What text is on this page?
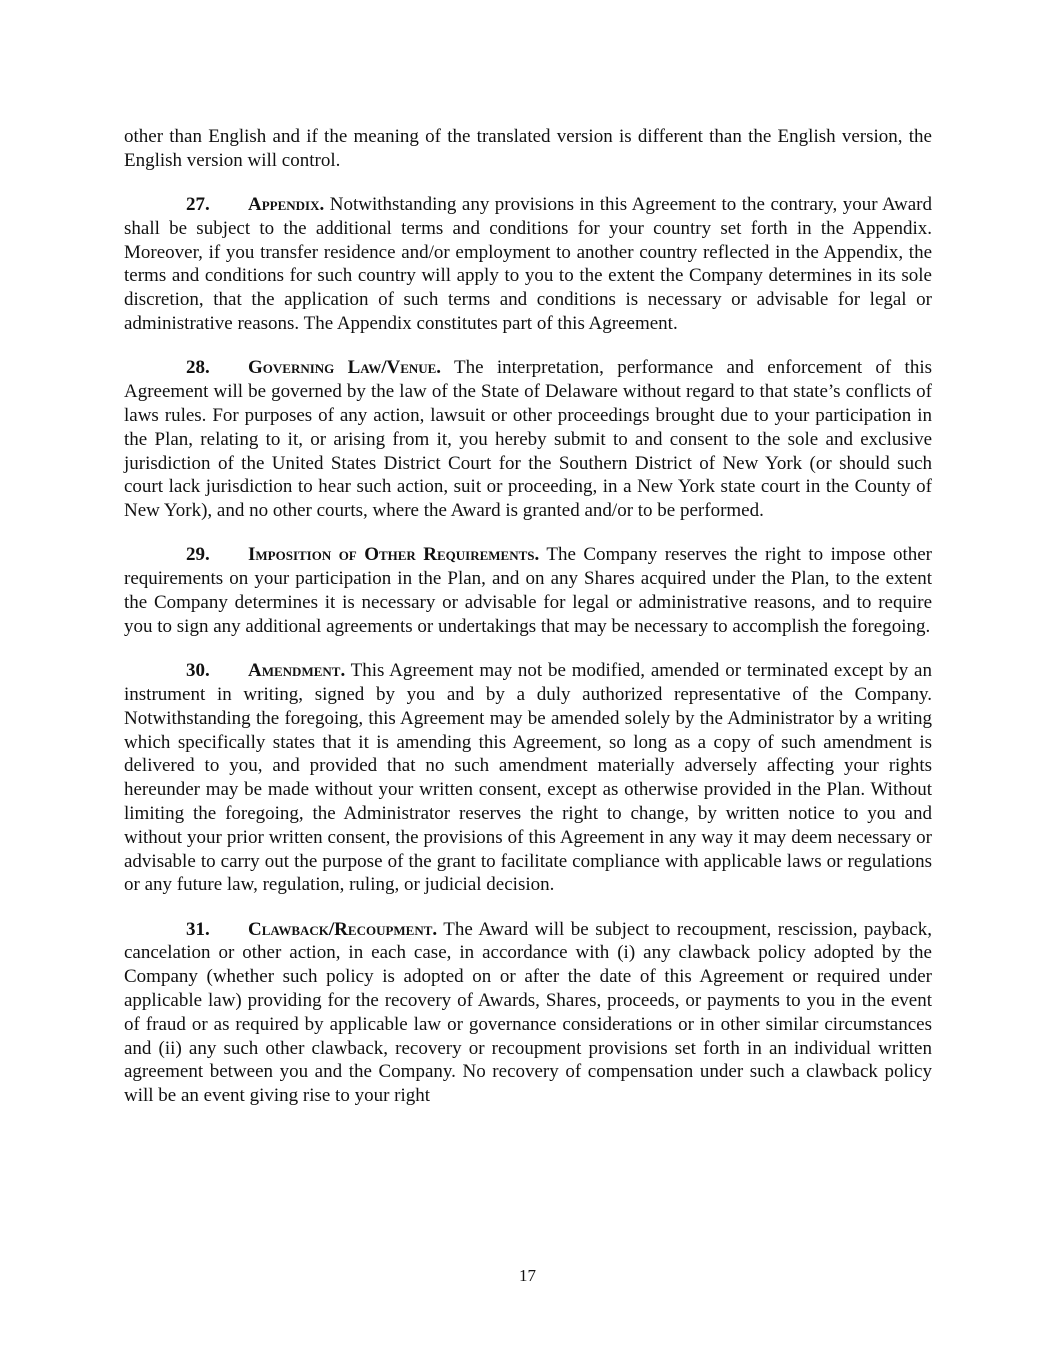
other than English and if the meaning of the translated version is different than the English version, the English version will control.

27. Appendix. Notwithstanding any provisions in this Agreement to the contrary, your Award shall be subject to the additional terms and conditions for your country set forth in the Appendix. Moreover, if you transfer residence and/or employment to another country reflected in the Appendix, the terms and conditions for such country will apply to you to the extent the Company determines in its sole discretion, that the application of such terms and conditions is necessary or advisable for legal or administrative reasons. The Appendix constitutes part of this Agreement.

28. Governing Law/Venue. The interpretation, performance and enforcement of this Agreement will be governed by the law of the State of Delaware without regard to that state’s conflicts of laws rules. For purposes of any action, lawsuit or other proceedings brought due to your participation in the Plan, relating to it, or arising from it, you hereby submit to and consent to the sole and exclusive jurisdiction of the United States District Court for the Southern District of New York (or should such court lack jurisdiction to hear such action, suit or proceeding, in a New York state court in the County of New York), and no other courts, where the Award is granted and/or to be performed.

29. Imposition of Other Requirements. The Company reserves the right to impose other requirements on your participation in the Plan, and on any Shares acquired under the Plan, to the extent the Company determines it is necessary or advisable for legal or administrative reasons, and to require you to sign any additional agreements or undertakings that may be necessary to accomplish the foregoing.

30. Amendment. This Agreement may not be modified, amended or terminated except by an instrument in writing, signed by you and by a duly authorized representative of the Company. Notwithstanding the foregoing, this Agreement may be amended solely by the Administrator by a writing which specifically states that it is amending this Agreement, so long as a copy of such amendment is delivered to you, and provided that no such amendment materially adversely affecting your rights hereunder may be made without your written consent, except as otherwise provided in the Plan. Without limiting the foregoing, the Administrator reserves the right to change, by written notice to you and without your prior written consent, the provisions of this Agreement in any way it may deem necessary or advisable to carry out the purpose of the grant to facilitate compliance with applicable laws or regulations or any future law, regulation, ruling, or judicial decision.

31. Clawback/Recoupment. The Award will be subject to recoupment, rescission, payback, cancelation or other action, in each case, in accordance with (i) any clawback policy adopted by the Company (whether such policy is adopted on or after the date of this Agreement or required under applicable law) providing for the recovery of Awards, Shares, proceeds, or payments to you in the event of fraud or as required by applicable law or governance considerations or in other similar circumstances and (ii) any such other clawback, recovery or recoupment provisions set forth in an individual written agreement between you and the Company. No recovery of compensation under such a clawback policy will be an event giving rise to your right

17
